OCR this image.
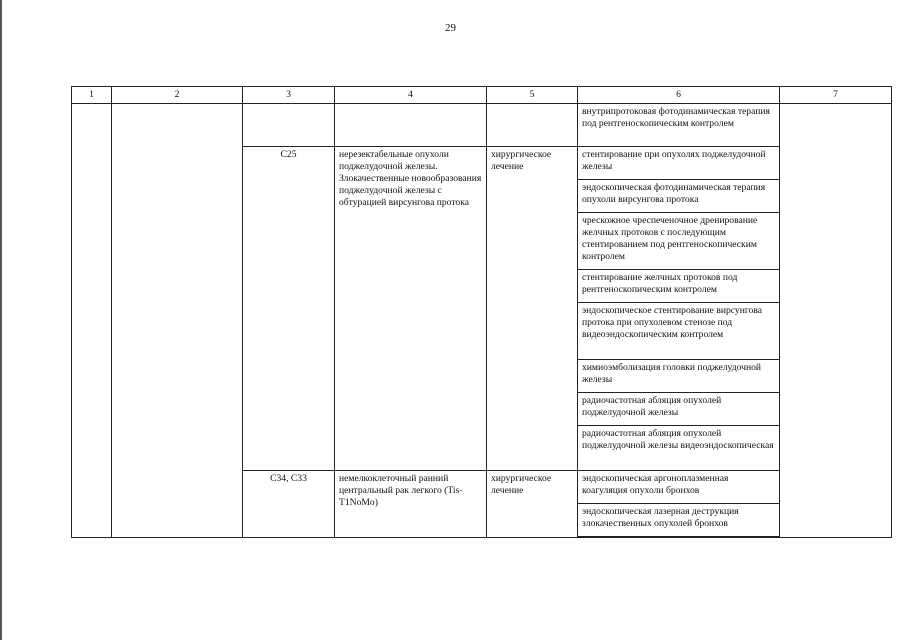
29
1	2	3	4	5	6	7
					внутрипротоковая фотодинамическая терапия под рентгеноскопическим контролем	
		C25	нерезектабельные опухоли поджелудочной железы. Злокачественные новообразования поджелудочной железы с обтурацией вирсунгова протока	хирургическое лечение	стентирование при опухолях поджелудочной железы	
					эндоскопическая фотодинамическая терапия опухоли вирсунгова протока	
					чрескожное чреспеченочное дренирование желчных протоков с последующим стентированием под рентгеноскопическим контролем	
					стентирование желчных протоков под рентгеноскопическим контролем	
					эндоскопическое стентирование вирсунгова протока при опухолевом стенозе под видеоэндоскопическим контролем	
					химиоэмболизация головки поджелудочной железы	
					радиочастотная абляция опухолей поджелудочной железы	
					радиочастотная абляция опухолей поджелудочной железы видеоэндоскопическая	
		C34, C33	немелкоклеточный ранний центральный рак легкого (Tis-T1NoMo)	хирургическое лечение	эндоскопическая аргоноплазменная коагуляция опухоли бронхов	
					эндоскопическая лазерная деструкция злокачественных опухолей бронхов	
